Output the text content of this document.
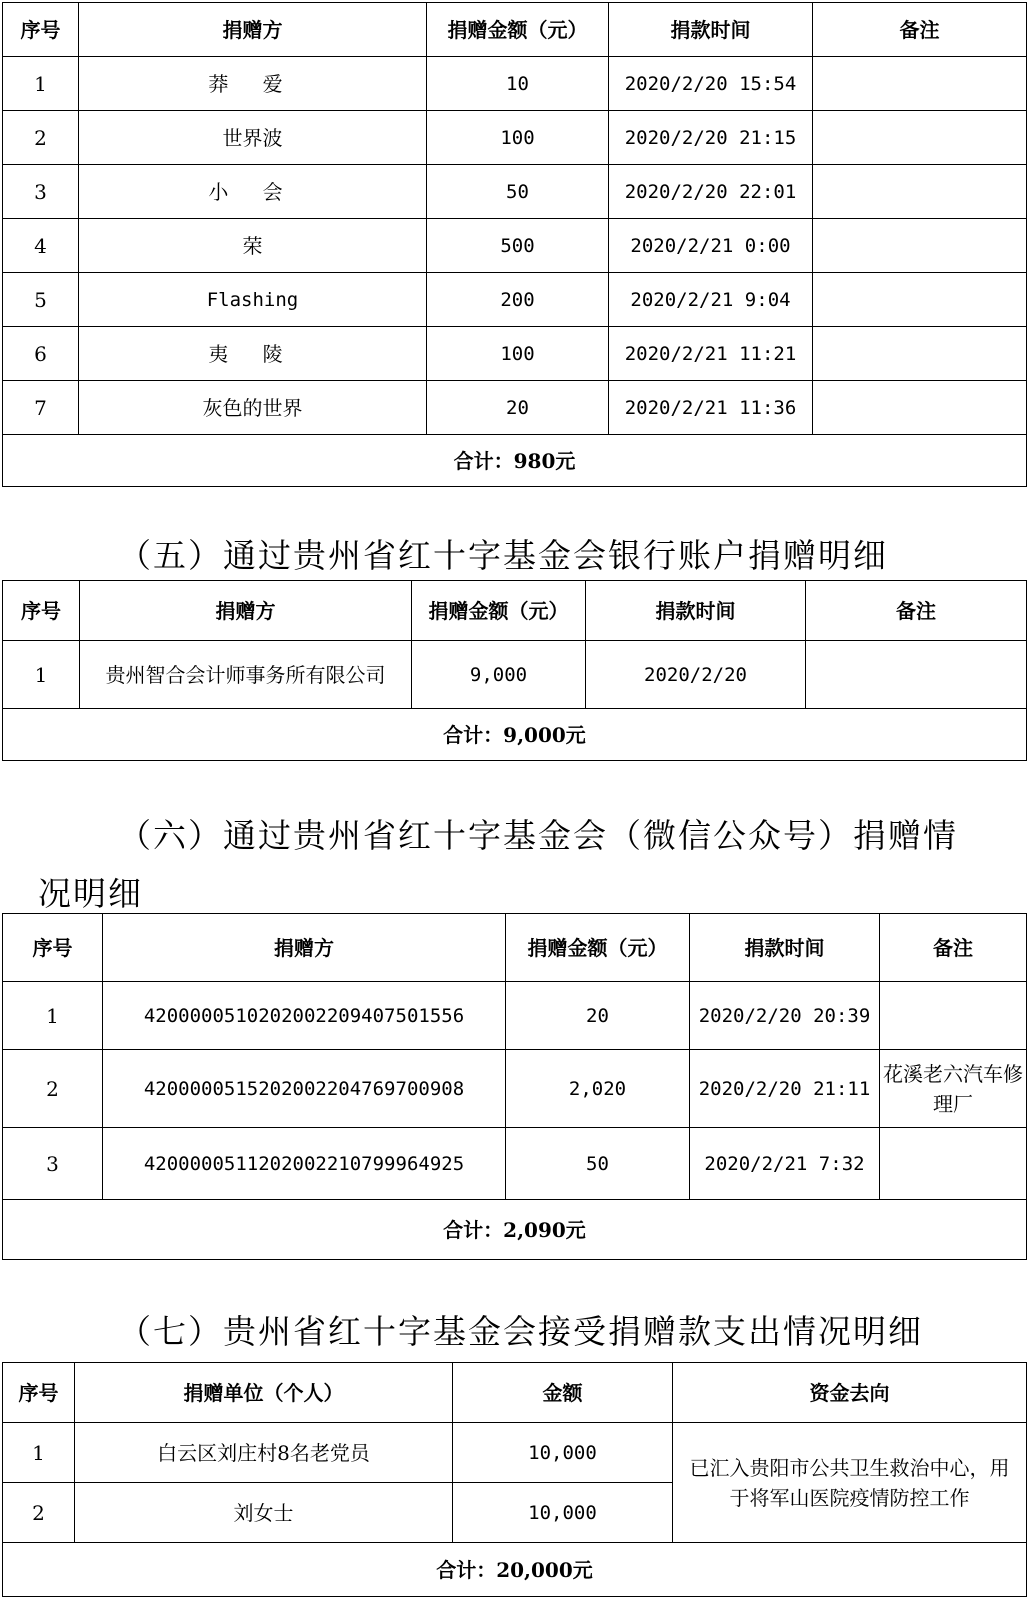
序号	捐赠方	捐赠金额（元）	捐款时间	备注
1	莽 爱	10	2020/2/20 15:54	
2	世界波	100	2020/2/20 21:15	
3	小 会	50	2020/2/20 22:01	
4	荣	500	2020/2/21 0:00	
5	Flashing	200	2020/2/21 9:04	
6	夷 陵	100	2020/2/21 11:21	
7	灰色的世界	20	2020/2/21 11:36	
合计：980元				
（五）通过贵州省红十字基金会银行账户捐赠明细
序号	捐赠方	捐赠金额（元）	捐款时间	备注
1	贵州智合会计师事务所有限公司	9,000	2020/2/20	
合计：9,000元				
（六）通过贵州省红十字基金会（微信公众号）捐赠情
况明细
序号	捐赠方	捐赠金额（元）	捐款时间	备注
1	4200000510202002209407501556	20	2020/2/20 20:39	
2	4200000515202002204769700908	2,020	2020/2/20 21:11	花溪老六汽车修理厂
3	4200000511202002210799964925	50	2020/2/21 7:32	
合计：2,090元				
（七）贵州省红十字基金会接受捐赠款支出情况明细
序号	捐赠单位（个人）	金额	资金去向
1	白云区刘庄村8名老党员	10,000	已汇入贵阳市公共卫生救治中心，用于将军山医院疫情防控工作
2	刘女士	10,000	
合计：20,000元			
